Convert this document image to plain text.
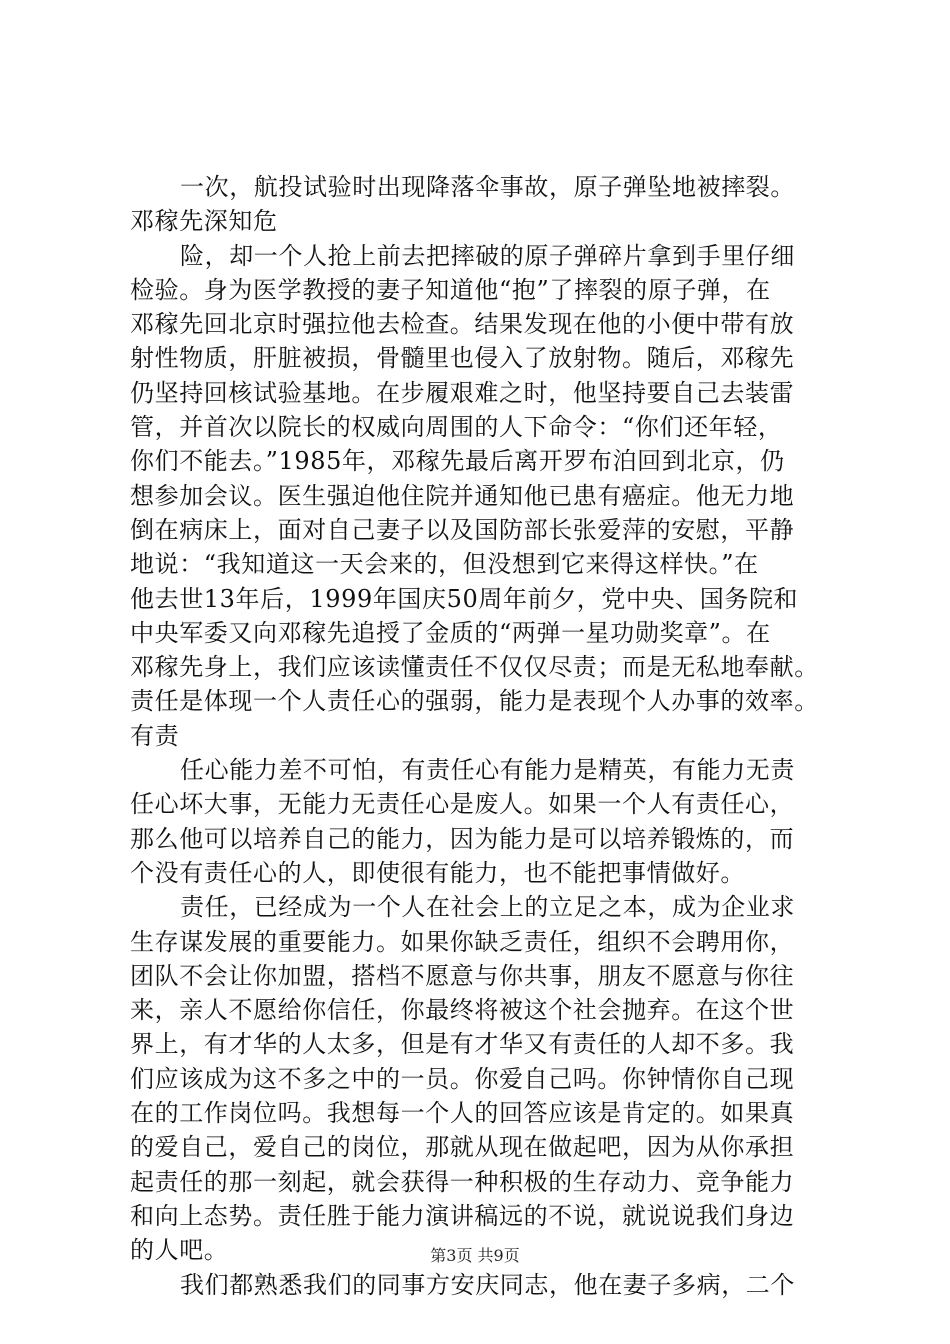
一次，航投试验时出现降落伞事故，原子弹坠地被摔裂。
邓稼先深知危
险，却一个人抢上前去把摔破的原子弹碎片拿到手里仔细
检验。身为医学教授的妻子知道他“抱”了摔裂的原子弹，在
邓稼先回北京时强拉他去检查。结果发现在他的小便中带有放
射性物质，肝脏被损，骨髓里也侵入了放射物。随后，邓稼先
仍坚持回核试验基地。在步履艰难之时，他坚持要自己去装雷
管，并首次以院长的权威向周围的人下命令：“你们还年轻，
你们不能去。”1985年，邓稼先最后离开罗布泊回到北京，仍
想参加会议。医生强迫他住院并通知他已患有癌症。他无力地
倒在病床上，面对自己妻子以及国防部长张爱萍的安慰，平静
地说：“我知道这一天会来的，但没想到它来得这样快。”在
他去世13年后，1999年国庆50周年前夕，党中央、国务院和
中央军委又向邓稼先追授了金质的“两弹一星功勋奖章”。在
邓稼先身上，我们应该读懂责任不仅仅尽责；而是无私地奉献。
责任是体现一个人责任心的强弱，能力是表现个人办事的效率。
有责
任心能力差不可怕，有责任心有能力是精英，有能力无责
任心坏大事，无能力无责任心是废人。如果一个人有责任心，
那么他可以培养自己的能力，因为能力是可以培养锻炼的，而
个没有责任心的人，即使很有能力，也不能把事情做好。
责任，已经成为一个人在社会上的立足之本，成为企业求
生存谋发展的重要能力。如果你缺乏责任，组织不会聘用你，
团队不会让你加盟，搭档不愿意与你共事，朋友不愿意与你往
来，亲人不愿给你信任，你最终将被这个社会抛弃。在这个世
界上，有才华的人太多，但是有才华又有责任的人却不多。我
们应该成为这不多之中的一员。你爱自己吗。你钟情你自己现
在的工作岗位吗。我想每一个人的回答应该是肯定的。如果真
的爱自己，爱自己的岗位，那就从现在做起吧，因为从你承担
起责任的那一刻起，就会获得一种积极的生存动力、竞争能力
和向上态势。责任胜于能力演讲稿远的不说，就说说我们身边
的人吧。
我们都熟悉我们的同事方安庆同志，他在妻子多病，二个
第3页 共9页
